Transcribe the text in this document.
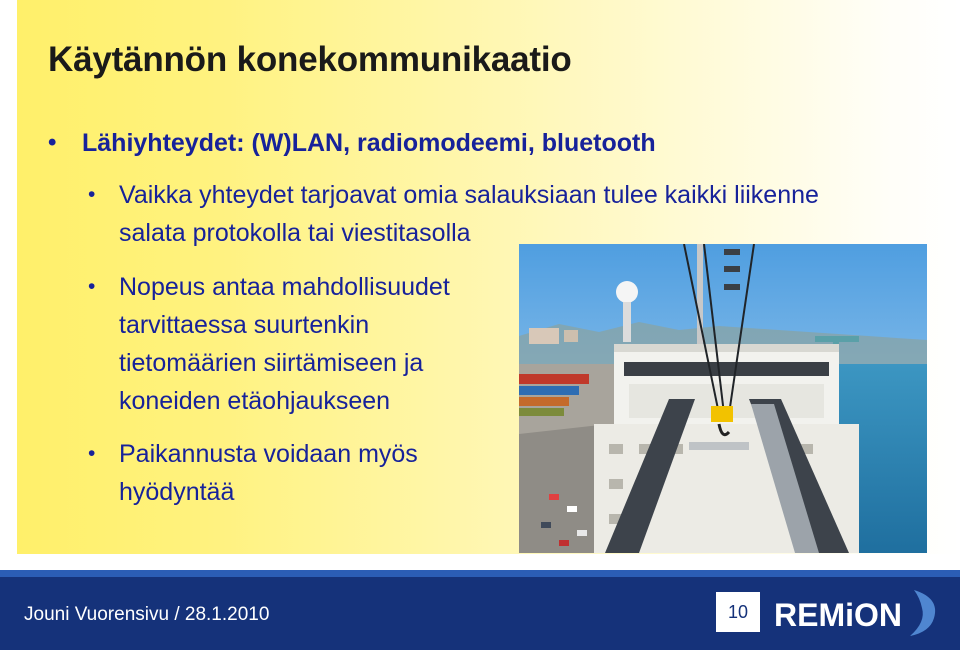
Käytännön konekommunikaatio
•	Lähiyhteydet: (W)LAN, radiomodeemi, bluetooth
• Vaikka yhteydet tarjoavat omia salauksiaan tulee kaikki liikenne
salata protokolla tai viestitasolla
• Nopeus antaa mahdollisuudet
tarvittaessa suurtenkin
tietomäärien siirtämiseen ja
koneiden etäohjaukseen
• Paikannusta voidaan myös
hyödyntää
Jouni Vuorensivu / 28.1.2010	10 REMiON
